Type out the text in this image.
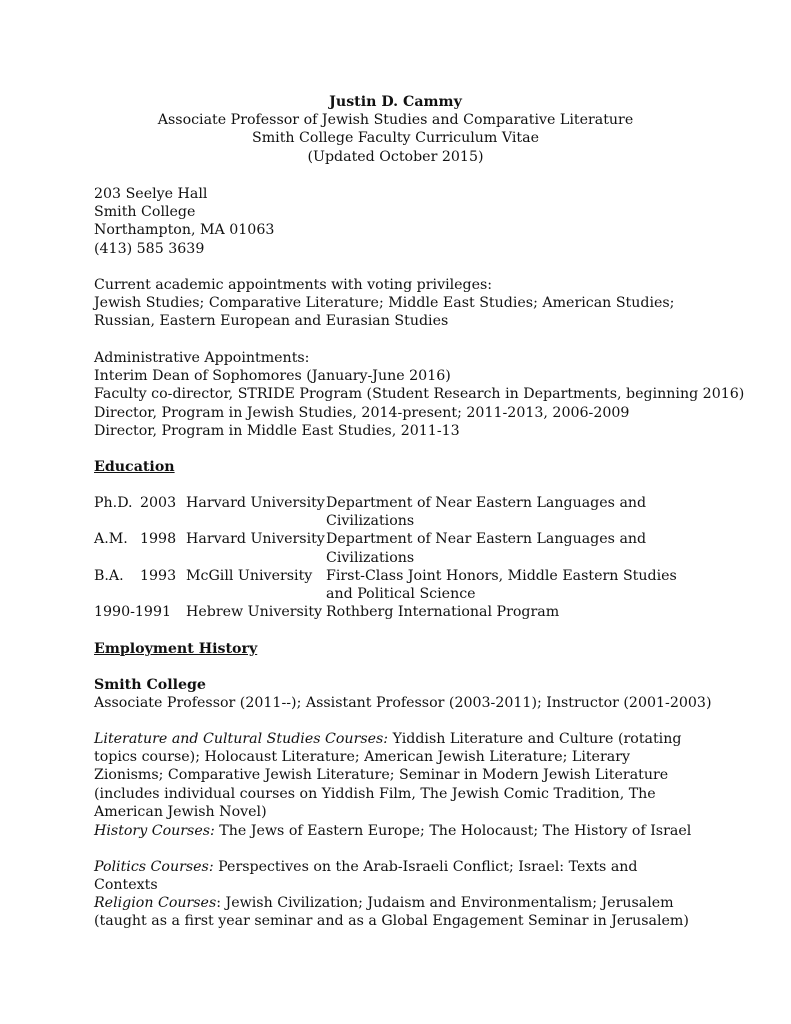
Justin D. Cammy
Associate Professor of Jewish Studies and Comparative Literature
Smith College Faculty Curriculum Vitae
(Updated October 2015)
203 Seelye Hall
Smith College
Northampton, MA 01063
(413) 585 3639
Current academic appointments with voting privileges:
Jewish Studies; Comparative Literature; Middle East Studies; American Studies; Russian, Eastern European and Eurasian Studies
Administrative Appointments:
Interim Dean of Sophomores (January-June 2016)
Faculty co-director, STRIDE Program (Student Research in Departments, beginning 2016)
Director, Program in Jewish Studies, 2014-present; 2011-2013, 2006-2009
Director, Program in Middle East Studies, 2011-13
Education
Ph.D. 2003 Harvard University Department of Near Eastern Languages and Civilizations
A.M. 1998 Harvard University Department of Near Eastern Languages and Civilizations
B.A. 1993 McGill University First-Class Joint Honors, Middle Eastern Studies and Political Science
1990-1991 Hebrew University Rothberg International Program
Employment History
Smith College
Associate Professor (2011--); Assistant Professor (2003-2011); Instructor (2001-2003)
Literature and Cultural Studies Courses: Yiddish Literature and Culture (rotating topics course); Holocaust Literature; American Jewish Literature; Literary Zionisms; Comparative Jewish Literature; Seminar in Modern Jewish Literature (includes individual courses on Yiddish Film, The Jewish Comic Tradition, The American Jewish Novel)
History Courses: The Jews of Eastern Europe; The Holocaust; The History of Israel
Politics Courses: Perspectives on the Arab-Israeli Conflict; Israel: Texts and Contexts
Religion Courses: Jewish Civilization; Judaism and Environmentalism; Jerusalem (taught as a first year seminar and as a Global Engagement Seminar in Jerusalem)
